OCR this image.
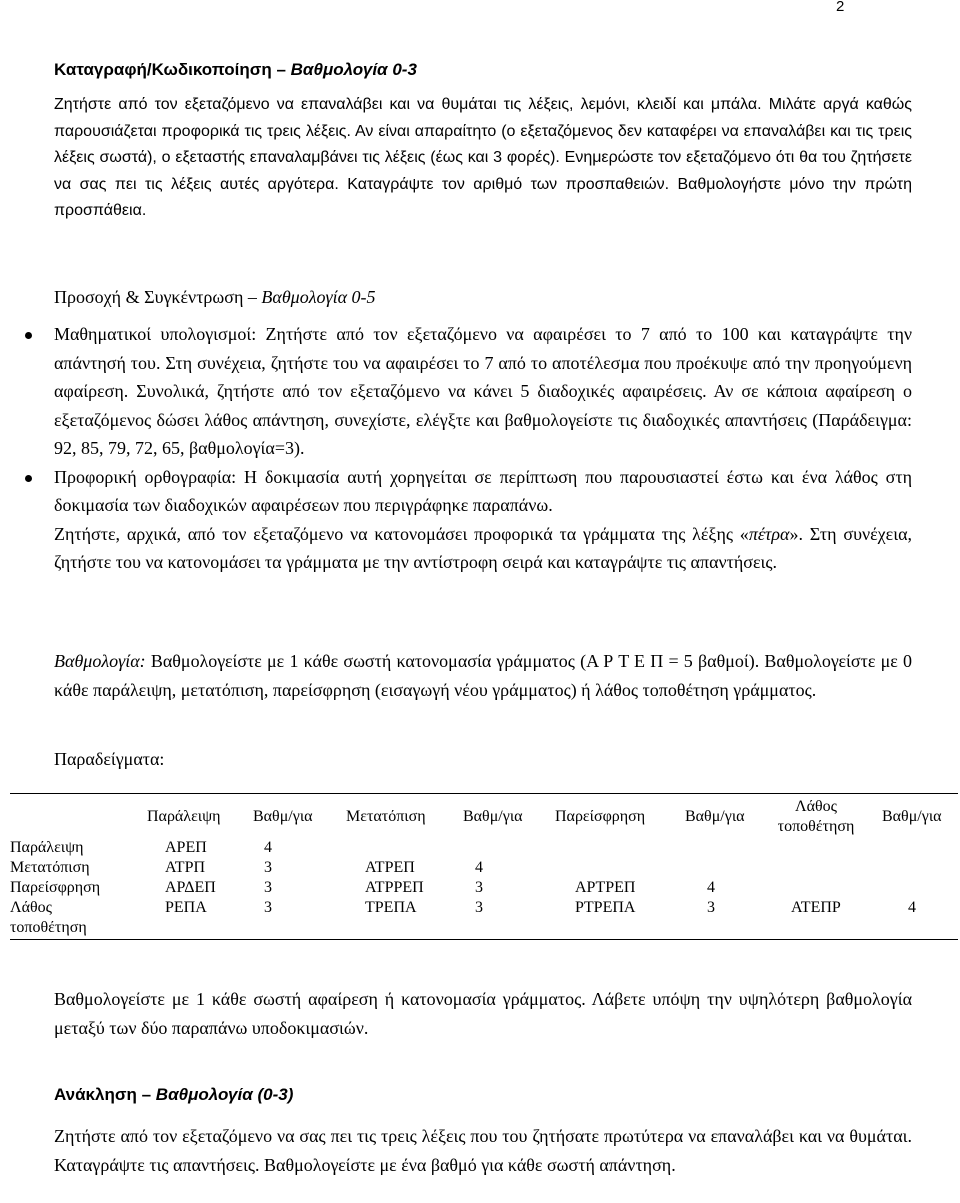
2
Καταγραφή/Κωδικοποίηση – Βαθμολογία 0-3
Ζητήστε από τον εξεταζόμενο να επαναλάβει και να θυμάται τις λέξεις, λεμόνι, κλειδί και μπάλα. Μιλάτε αργά καθώς παρουσιάζεται προφορικά τις τρεις λέξεις. Αν είναι απαραίτητο (ο εξεταζόμενος δεν καταφέρει να επαναλάβει και τις τρεις λέξεις σωστά), ο εξεταστής επαναλαμβάνει τις λέξεις (έως και 3 φορές). Ενημερώστε τον εξεταζόμενο ότι θα του ζητήσετε να σας πει τις λέξεις αυτές αργότερα. Καταγράψτε τον αριθμό των προσπαθειών. Βαθμολογήστε μόνο την πρώτη προσπάθεια.
Προσοχή & Συγκέντρωση – Βαθμολογία 0-5
Μαθηματικοί υπολογισμοί: Ζητήστε από τον εξεταζόμενο να αφαιρέσει το 7 από το 100 και καταγράψτε την απάντησή του. Στη συνέχεια, ζητήστε του να αφαιρέσει το 7 από το αποτέλεσμα που προέκυψε από την προηγούμενη αφαίρεση. Συνολικά, ζητήστε από τον εξεταζόμενο να κάνει 5 διαδοχικές αφαιρέσεις. Αν σε κάποια αφαίρεση ο εξεταζόμενος δώσει λάθος απάντηση, συνεχίστε, ελέγξτε και βαθμολογείστε τις διαδοχικές απαντήσεις (Παράδειγμα: 92, 85, 79, 72, 65, βαθμολογία=3).
Προφορική ορθογραφία: Η δοκιμασία αυτή χορηγείται σε περίπτωση που παρουσιαστεί έστω και ένα λάθος στη δοκιμασία των διαδοχικών αφαιρέσεων που περιγράφηκε παραπάνω.
Ζητήστε, αρχικά, από τον εξεταζόμενο να κατονομάσει προφορικά τα γράμματα της λέξης «πέτρα». Στη συνέχεια, ζητήστε του να κατονομάσει τα γράμματα με την αντίστροφη σειρά και καταγράψτε τις απαντήσεις.
Βαθμολογία: Βαθμολογείστε με 1 κάθε σωστή κατονομασία γράμματος (Α Ρ Τ Ε Π = 5 βαθμοί). Βαθμολογείστε με 0 κάθε παράλειψη, μετατόπιση, παρείσφρηση (εισαγωγή νέου γράμματος) ή λάθος τοποθέτηση γράμματος.
Παραδείγματα:
Παράλειψη Βαθμ/για Μετατόπιση Βαθμ/για Παρείσφρηση Βαθμ/για
Λάθος τοποθέτηση
Βαθμ/για
Παράλειψη
Μετατόπιση
Παρείσφρηση
Λάθος
τοποθέτηση
ΑΡΕΠ
ΑΤΡΠ
ΑΡΔΕΠ
ΡΕΠΑ
4
3
3
3
ΑΤΡΕΠ
ΑΤΡΡΕΠ
ΤΡΕΠΑ
4
3
3
ΑΡΤΡΕΠ
ΡΤΡΕΠΑ
4
3	ΑΤΕΠΡ	4
Βαθμολογείστε με 1 κάθε σωστή αφαίρεση ή κατονομασία γράμματος. Λάβετε υπόψη την υψηλότερη βαθμολογία μεταξύ των δύο παραπάνω υποδοκιμασιών.
Ανάκληση – Βαθμολογία (0-3)
Ζητήστε από τον εξεταζόμενο να σας πει τις τρεις λέξεις που του ζητήσατε πρωτύτερα να επαναλάβει και να θυμάται. Καταγράψτε τις απαντήσεις. Βαθμολογείστε με ένα βαθμό για κάθε σωστή απάντηση.
